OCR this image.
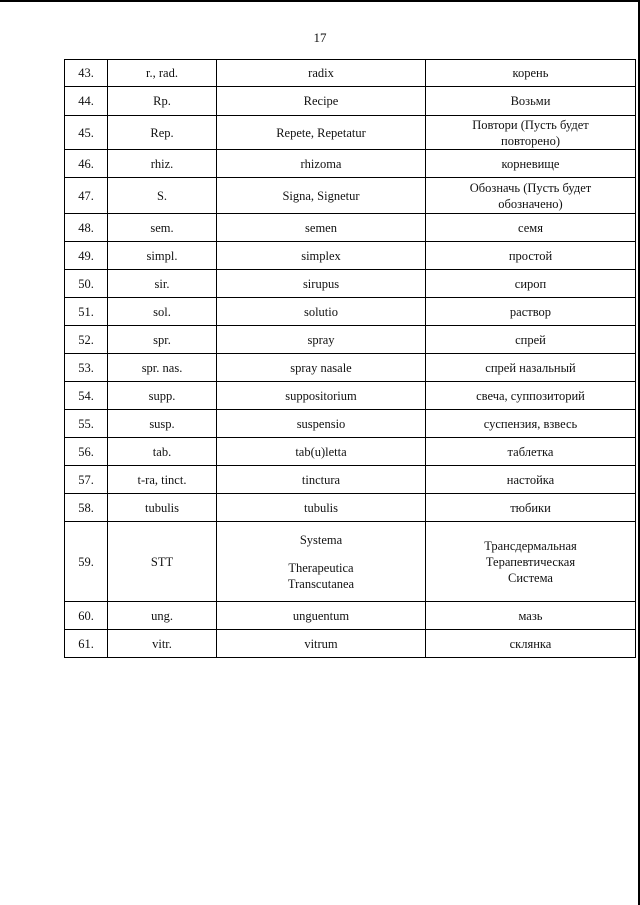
17
43.	r., rad.	radix	корень
44.	Rp.	Recipe	Возьми
45.	Rep.	Repete, Repetatur	Повтори (Пусть будет
повторено)

46.	rhiz.	rhizoma	корневище
47.	S.	Signa, Signetur	Обозначь (Пусть будет
обозначено)

48.	sem.	semen	семя
49.	simpl.	simplex	простой
50.	sir.	sirupus	сироп
51.	sol.	solutio	раствор
52.	spr.	spray	спрей
53.	spr. nas.	spray nasale	спрей назальный
54.	supp.	suppositorium	свеча, суппозиторий
55.	susp.	suspensio	суспензия, взвесь
56.	tab.	tab(u)letta	таблетка
57.	t-ra, tinct.	tinctura	настойка
58.	tubulis	tubulis	тюбики
59.	STT	Systema
Therapeutica
Transcutanea	Трансдермальная
Терапевтическая
Система

60.	ung.	unguentum	мазь
61.	vitr.	vitrum	склянка
